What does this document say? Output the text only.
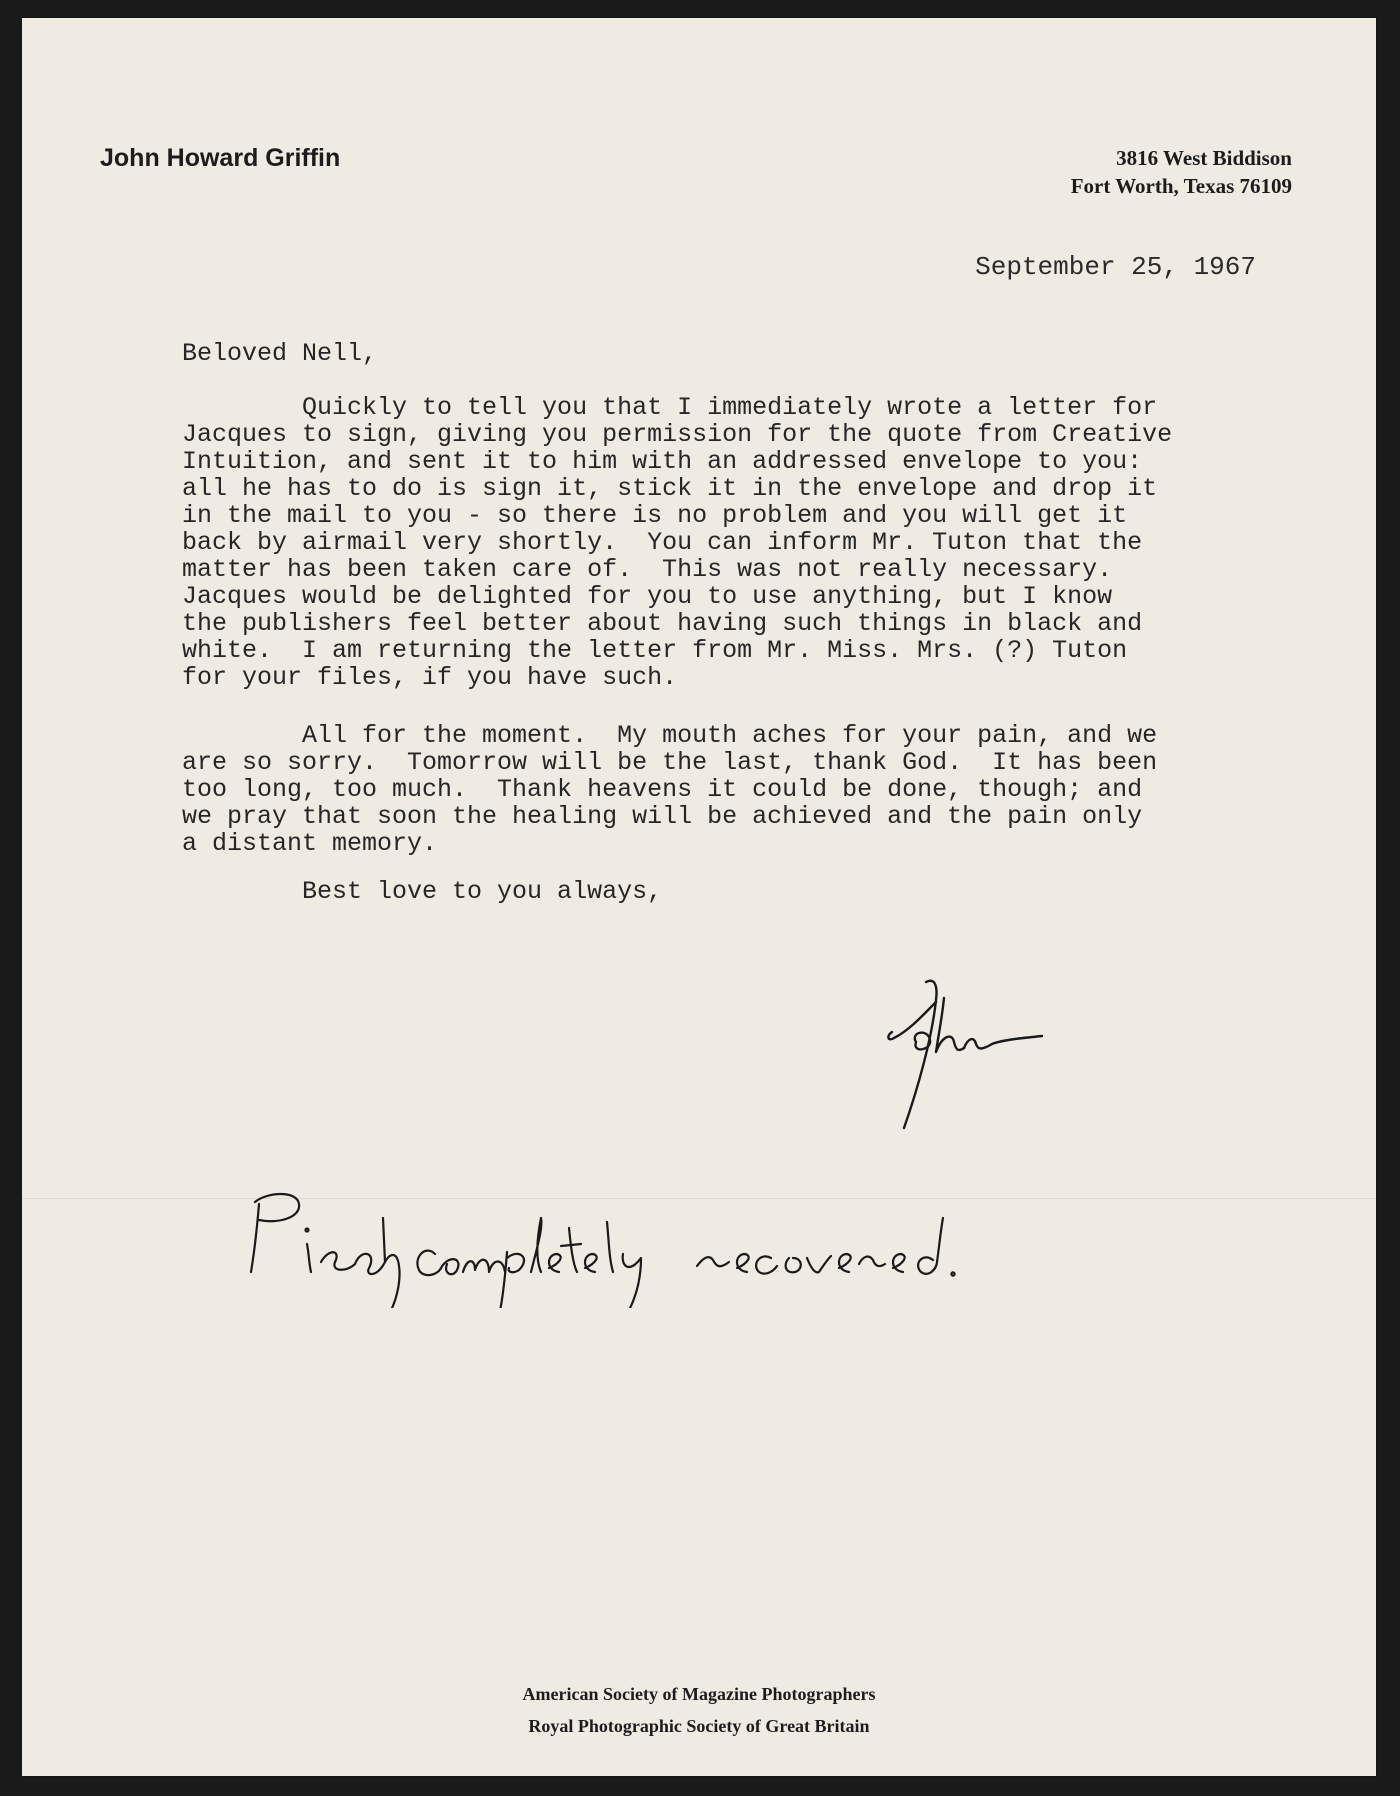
John Howard Griffin	3816 West Biddison
Fort Worth, Texas 76109
September 25, 1967
Beloved Nell,
Quickly to tell you that I immediately wrote a letter for
Jacques to sign, giving you permission for the quote from Creative
Intuition, and sent it to him with an addressed envelope to you:
all he has to do is sign it, stick it in the envelope and drop it
in the mail to you - so there is no problem and you will get it
back by airmail very shortly.  You can inform Mr. Tuton that the
matter has been taken care of.  This was not really necessary.
Jacques would be delighted for you to use anything, but I know
the publishers feel better about having such things in black and
white.  I am returning the letter from Mr. Miss. Mrs. (?) Tuton
for your files, if you have such.
All for the moment.  My mouth aches for your pain, and we
are so sorry.  Tomorrow will be the last, thank God.  It has been
too long, too much.  Thank heavens it could be done, though; and
we pray that soon the healing will be achieved and the pain only
a distant memory.
Best love to you always,
American Society of Magazine Photographers
Royal Photographic Society of Great Britain
